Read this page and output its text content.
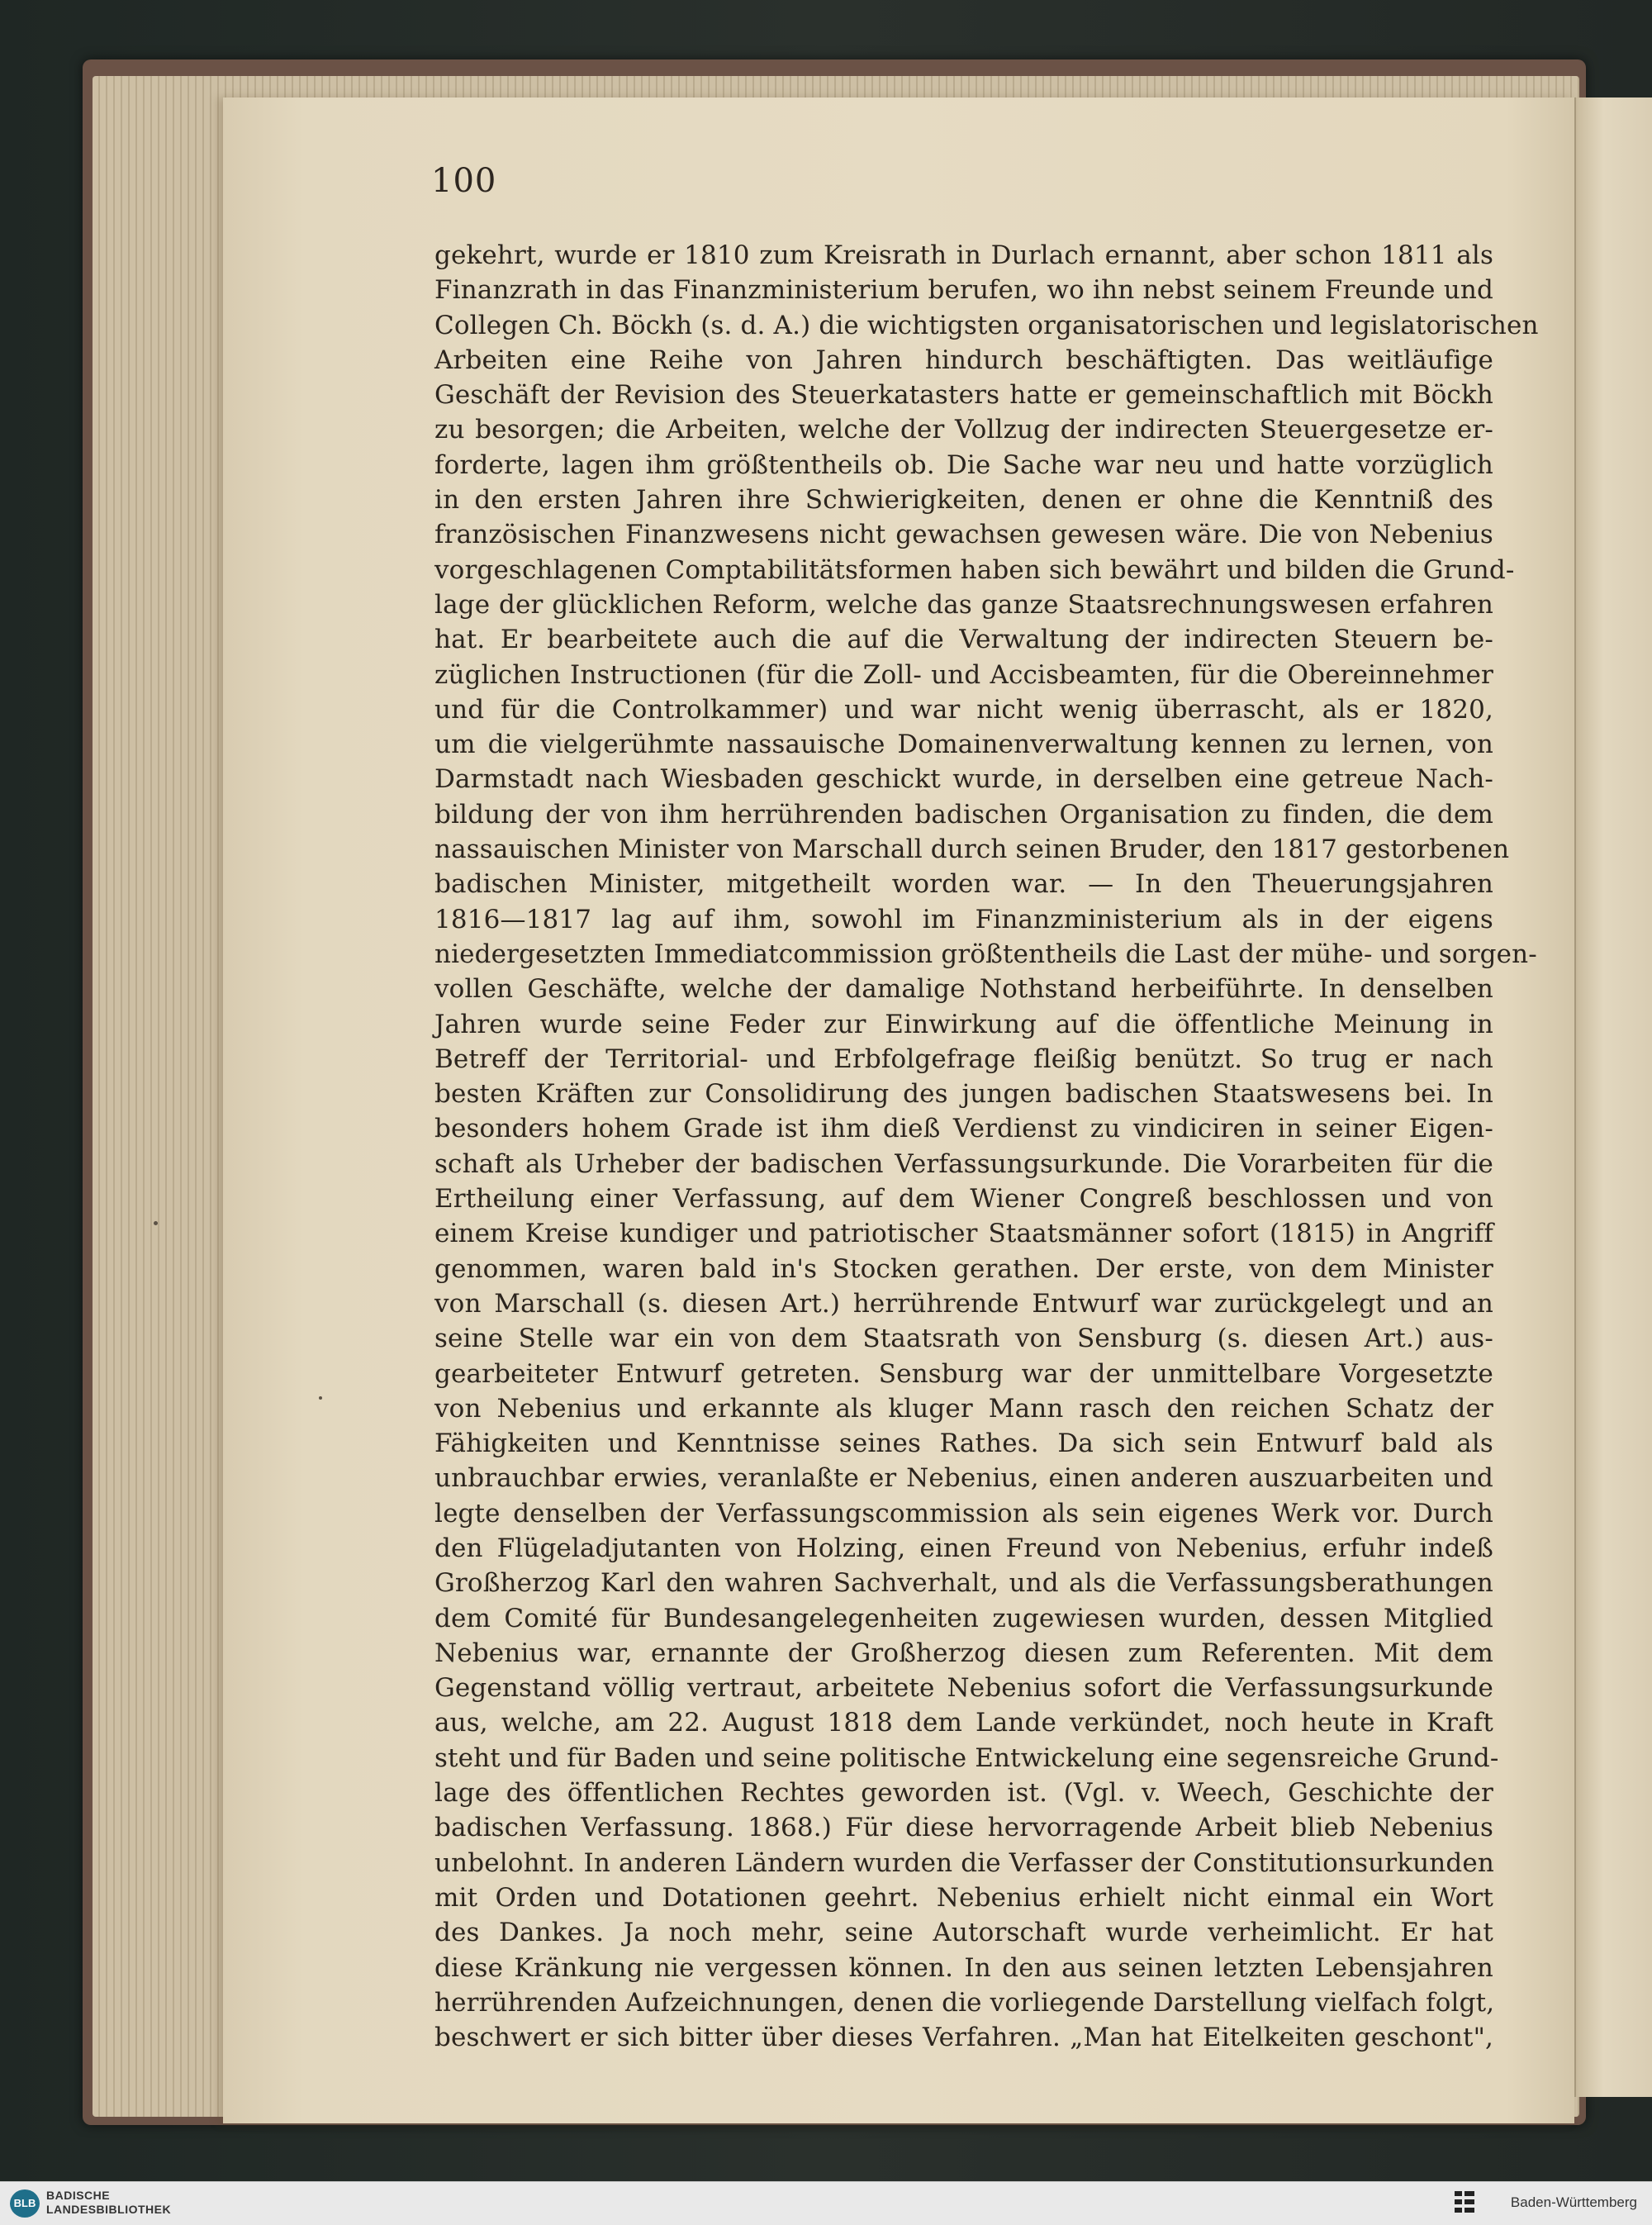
100
gekehrt, wurde er 1810 zum Kreisrath in Durlach ernannt, aber schon 1811 als
Finanzrath in das Finanzministerium berufen, wo ihn nebst seinem Freunde und
Collegen Ch. Böckh (s. d. A.) die wichtigsten organisatorischen und legislatorischen
Arbeiten eine Reihe von Jahren hindurch beschäftigten. Das weitläufige
Geschäft der Revision des Steuerkatasters hatte er gemeinschaftlich mit Böckh
zu besorgen; die Arbeiten, welche der Vollzug der indirecten Steuergesetze er-
forderte, lagen ihm größtentheils ob. Die Sache war neu und hatte vorzüglich
in den ersten Jahren ihre Schwierigkeiten, denen er ohne die Kenntniß des
französischen Finanzwesens nicht gewachsen gewesen wäre. Die von Nebenius
vorgeschlagenen Comptabilitätsformen haben sich bewährt und bilden die Grund-
lage der glücklichen Reform, welche das ganze Staatsrechnungswesen erfahren
hat. Er bearbeitete auch die auf die Verwaltung der indirecten Steuern be-
züglichen Instructionen (für die Zoll- und Accisbeamten, für die Obereinnehmer
und für die Controlkammer) und war nicht wenig überrascht, als er 1820,
um die vielgerühmte nassauische Domainenverwaltung kennen zu lernen, von
Darmstadt nach Wiesbaden geschickt wurde, in derselben eine getreue Nach-
bildung der von ihm herrührenden badischen Organisation zu finden, die dem
nassauischen Minister von Marschall durch seinen Bruder, den 1817 gestorbenen
badischen Minister, mitgetheilt worden war. — In den Theuerungsjahren
1816—1817 lag auf ihm, sowohl im Finanzministerium als in der eigens
niedergesetzten Immediatcommission größtentheils die Last der mühe- und sorgen-
vollen Geschäfte, welche der damalige Nothstand herbeiführte. In denselben
Jahren wurde seine Feder zur Einwirkung auf die öffentliche Meinung in
Betreff der Territorial- und Erbfolgefrage fleißig benützt. So trug er nach
besten Kräften zur Consolidirung des jungen badischen Staatswesens bei. In
besonders hohem Grade ist ihm dieß Verdienst zu vindiciren in seiner Eigen-
schaft als Urheber der badischen Verfassungsurkunde. Die Vorarbeiten für die
Ertheilung einer Verfassung, auf dem Wiener Congreß beschlossen und von
einem Kreise kundiger und patriotischer Staatsmänner sofort (1815) in Angriff
genommen, waren bald in's Stocken gerathen. Der erste, von dem Minister
von Marschall (s. diesen Art.) herrührende Entwurf war zurückgelegt und an
seine Stelle war ein von dem Staatsrath von Sensburg (s. diesen Art.) aus-
gearbeiteter Entwurf getreten. Sensburg war der unmittelbare Vorgesetzte
von Nebenius und erkannte als kluger Mann rasch den reichen Schatz der
Fähigkeiten und Kenntnisse seines Rathes. Da sich sein Entwurf bald als
unbrauchbar erwies, veranlaßte er Nebenius, einen anderen auszuarbeiten und
legte denselben der Verfassungscommission als sein eigenes Werk vor. Durch
den Flügeladjutanten von Holzing, einen Freund von Nebenius, erfuhr indeß
Großherzog Karl den wahren Sachverhalt, und als die Verfassungsberathungen
dem Comité für Bundesangelegenheiten zugewiesen wurden, dessen Mitglied
Nebenius war, ernannte der Großherzog diesen zum Referenten. Mit dem
Gegenstand völlig vertraut, arbeitete Nebenius sofort die Verfassungsurkunde
aus, welche, am 22. August 1818 dem Lande verkündet, noch heute in Kraft
steht und für Baden und seine politische Entwickelung eine segensreiche Grund-
lage des öffentlichen Rechtes geworden ist. (Vgl. v. Weech, Geschichte der
badischen Verfassung. 1868.) Für diese hervorragende Arbeit blieb Nebenius
unbelohnt. In anderen Ländern wurden die Verfasser der Constitutionsurkunden
mit Orden und Dotationen geehrt. Nebenius erhielt nicht einmal ein Wort
des Dankes. Ja noch mehr, seine Autorschaft wurde verheimlicht. Er hat
diese Kränkung nie vergessen können. In den aus seinen letzten Lebensjahren
herrührenden Aufzeichnungen, denen die vorliegende Darstellung vielfach folgt,
beschwert er sich bitter über dieses Verfahren. „Man hat Eitelkeiten geschont",
BLB
BADISCHE
LANDESBIBLIOTHEK	Baden-Württemberg
